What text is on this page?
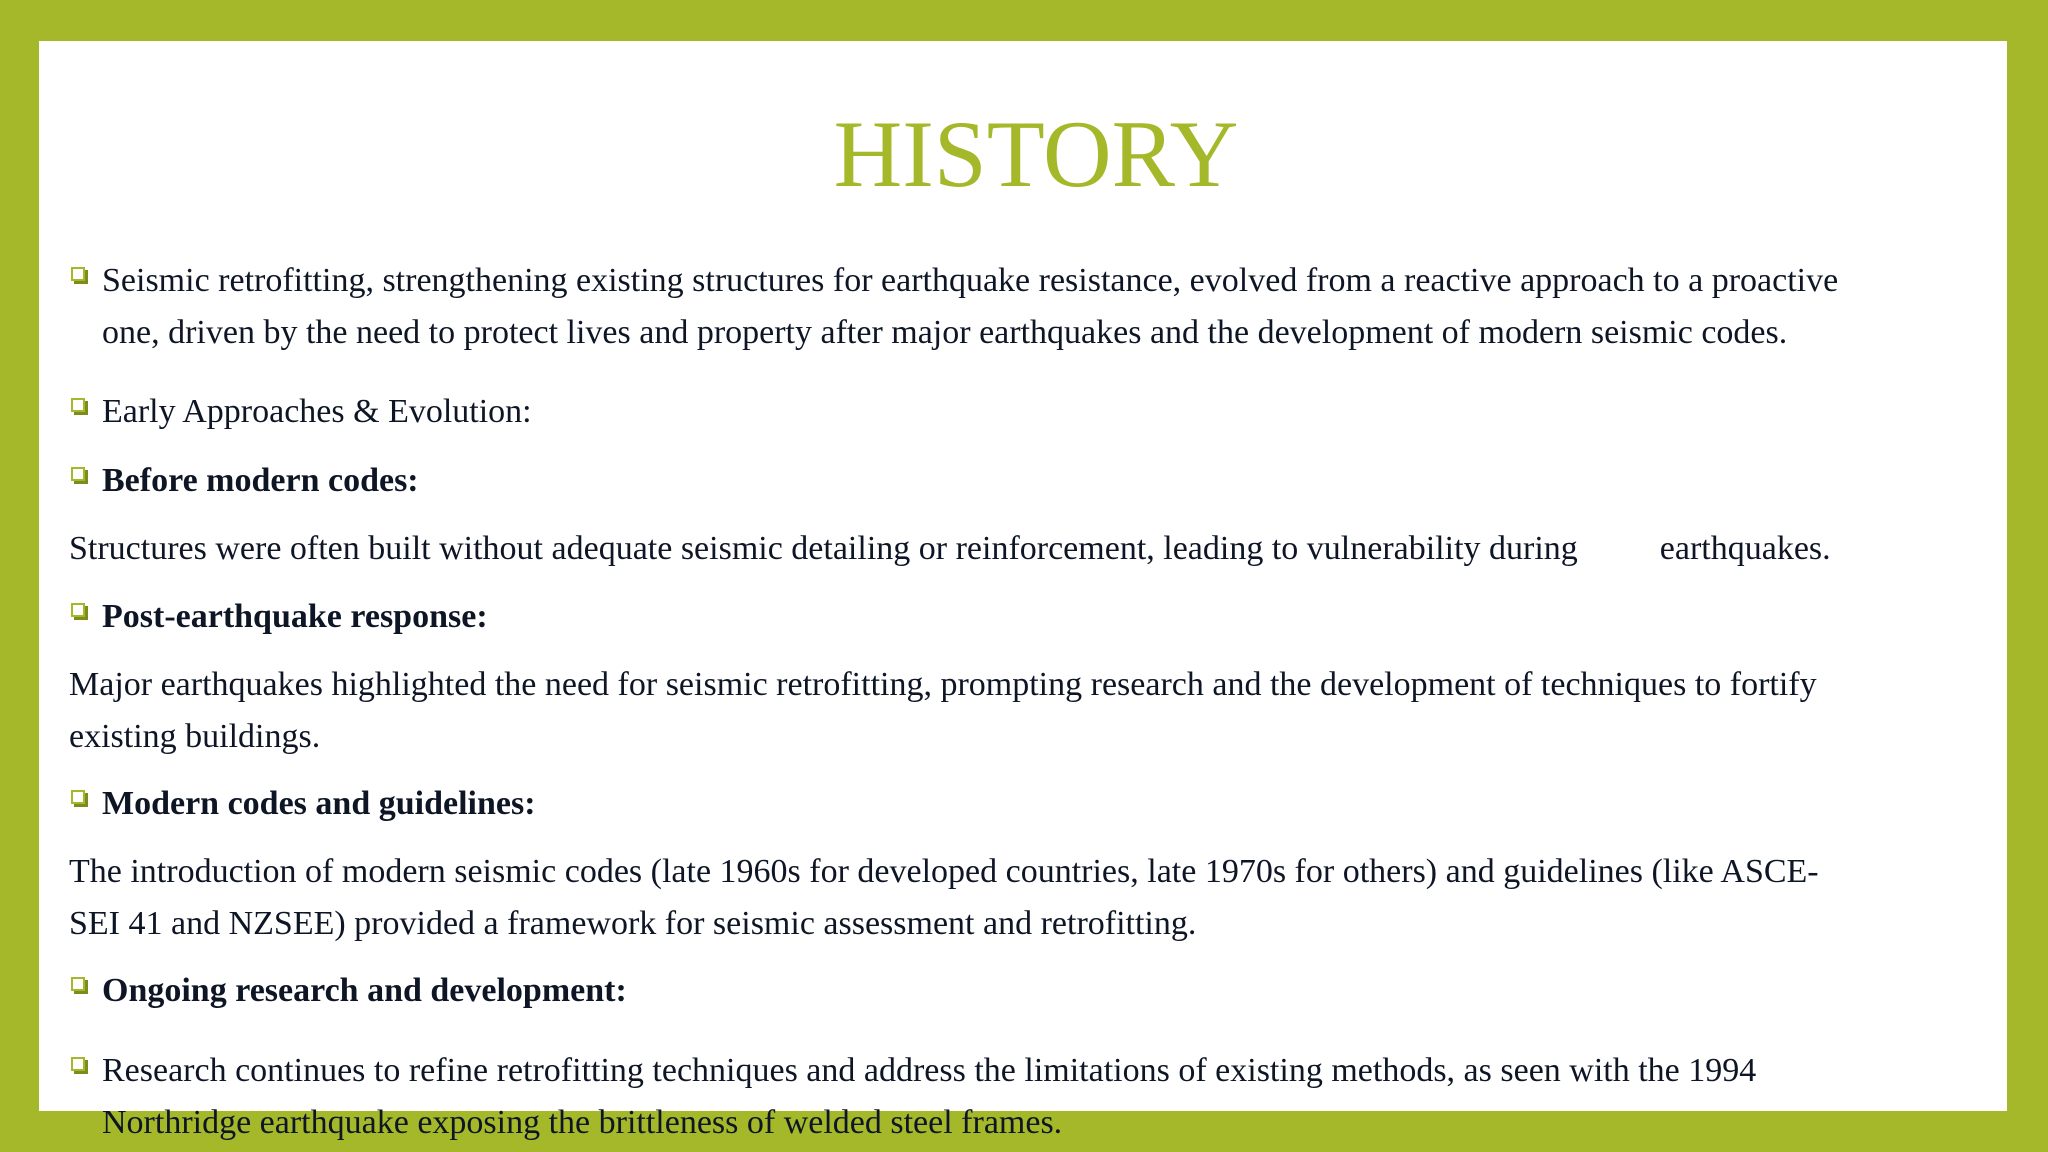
HISTORY
Seismic retrofitting, strengthening existing structures for earthquake resistance, evolved from a reactive approach to a proactive
one, driven by the need to protect lives and property after major earthquakes and the development of modern seismic codes.
Early Approaches & Evolution:
Before modern codes:
Structures were often built without adequate seismic detailing or reinforcement, leading to vulnerability during earthquakes.
Post-earthquake response:
Major earthquakes highlighted the need for seismic retrofitting, prompting research and the development of techniques to fortify
existing buildings.
Modern codes and guidelines:
The introduction of modern seismic codes (late 1960s for developed countries, late 1970s for others) and guidelines (like ASCE-
SEI 41 and NZSEE) provided a framework for seismic assessment and retrofitting.
Ongoing research and development:
Research continues to refine retrofitting techniques and address the limitations of existing methods, as seen with the 1994
Northridge earthquake exposing the brittleness of welded steel frames.
